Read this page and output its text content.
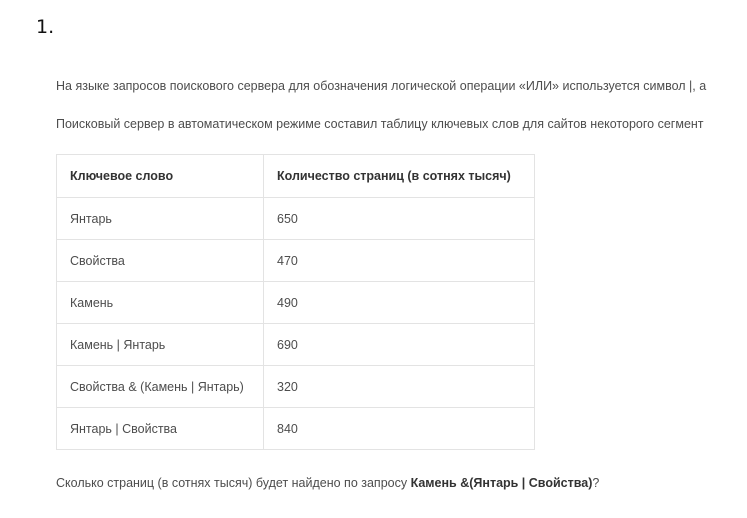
1.
На языке запросов поискового сервера для обозначения логической операции «ИЛИ» используется символ |, а
Поисковый сервер в автоматическом режиме составил таблицу ключевых слов для сайтов некоторого сегмент
Ключевое слово	Количество страниц (в сотнях тысяч)
Янтарь	650
Свойства	470
Камень	490
Камень | Янтарь	690
Свойства & (Камень | Янтарь)	320
Янтарь | Свойства	840
Сколько страниц (в сотнях тысяч) будет найдено по запросу Камень &(Янтарь | Свойства)?
